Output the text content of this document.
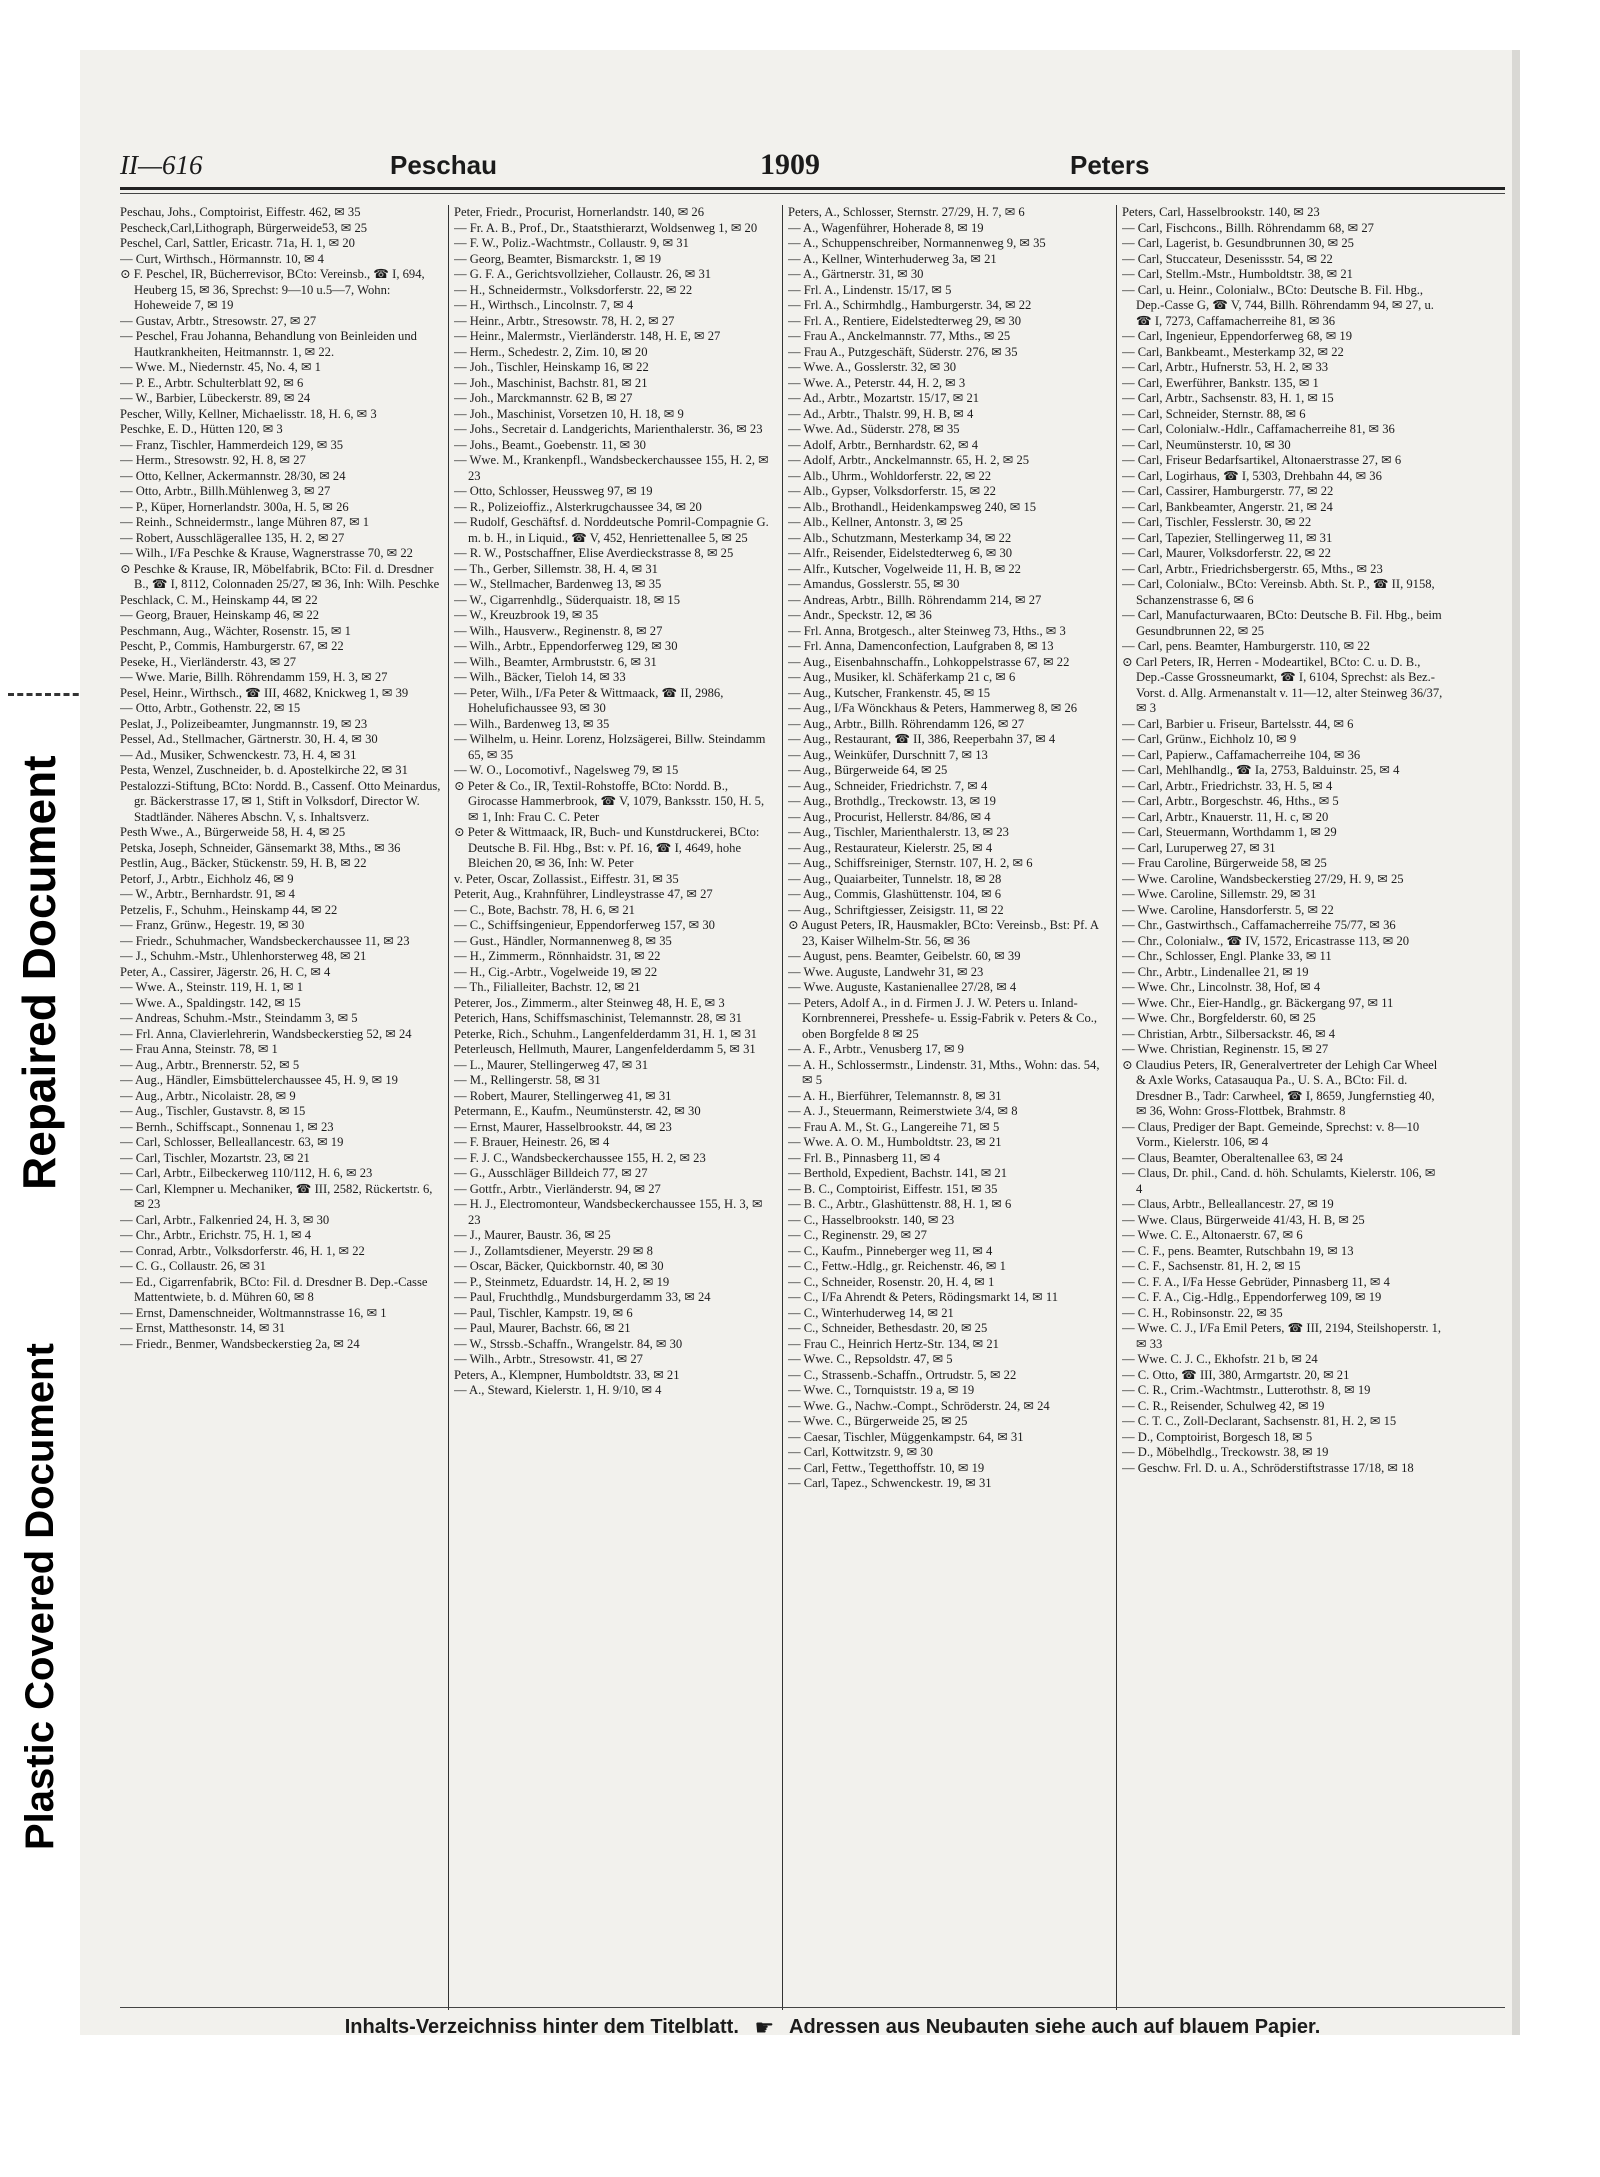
Repaired Document
Plastic Covered Document
II—616	Peschau	1909	Peters
Peschau, Johs., Comptoirist, Eiffestr. 462, ✉ 35
Pescheck,Carl,Lithograph, Bürgerweide53, ✉ 25
Peschel, Carl, Sattler, Ericastr. 71a, H. 1, ✉ 20
— Curt, Wirthsch., Hörmannstr. 10, ✉ 4
⊙ F. Peschel, IR, Bücherrevisor, BCto: Vereinsb., ☎ I, 694, Heuberg 15, ✉ 36, Sprechst: 9—10 u.5—7, Wohn: Hoheweide 7, ✉ 19
— Gustav, Arbtr., Stresowstr. 27, ✉ 27
— Peschel, Frau Johanna, Behandlung von Beinleiden und Hautkrankheiten, Heitmannstr. 1, ✉ 22.
— Wwe. M., Niedernstr. 45, No. 4, ✉ 1
— P. E., Arbtr. Schulterblatt 92, ✉ 6
— W., Barbier, Lübeckerstr. 89, ✉ 24
Pescher, Willy, Kellner, Michaelisstr. 18, H. 6, ✉ 3
Peschke, E. D., Hütten 120, ✉ 3
— Franz, Tischler, Hammerdeich 129, ✉ 35
— Herm., Stresowstr. 92, H. 8, ✉ 27
— Otto, Kellner, Ackermannstr. 28/30, ✉ 24
— Otto, Arbtr., Billh.Mühlenweg 3, ✉ 27
— P., Küper, Hornerlandstr. 300a, H. 5, ✉ 26
— Reinh., Schneidermstr., lange Mühren 87, ✉ 1
— Robert, Ausschlägerallee 135, H. 2, ✉ 27
— Wilh., I/Fa Peschke & Krause, Wagnerstrasse 70, ✉ 22
⊙ Peschke & Krause, IR, Möbelfabrik, BCto: Fil. d. Dresdner B., ☎ I, 8112, Colonnaden 25/27, ✉ 36, Inh: Wilh. Peschke
Peschlack, C. M., Heinskamp 44, ✉ 22
— Georg, Brauer, Heinskamp 46, ✉ 22
Peschmann, Aug., Wächter, Rosenstr. 15, ✉ 1
Pescht, P., Commis, Hamburgerstr. 67, ✉ 22
Peseke, H., Vierländerstr. 43, ✉ 27
— Wwe. Marie, Billh. Röhrendamm 159, H. 3, ✉ 27
Pesel, Heinr., Wirthsch., ☎ III, 4682, Knickweg 1, ✉ 39
— Otto, Arbtr., Gothenstr. 22, ✉ 15
Peslat, J., Polizeibeamter, Jungmannstr. 19, ✉ 23
Pessel, Ad., Stellmacher, Gärtnerstr. 30, H. 4, ✉ 30
— Ad., Musiker, Schwenckestr. 73, H. 4, ✉ 31
Pesta, Wenzel, Zuschneider, b. d. Apostelkirche 22, ✉ 31
Pestalozzi-Stiftung, BCto: Nordd. B., Cassenf. Otto Meinardus, gr. Bäckerstrasse 17, ✉ 1, Stift in Volksdorf, Director W. Stadtländer. Näheres Abschn. V, s. Inhaltsverz.
Pesth Wwe., A., Bürgerweide 58, H. 4, ✉ 25
Petska, Joseph, Schneider, Gänsemarkt 38, Mths., ✉ 36
Pestlin, Aug., Bäcker, Stückenstr. 59, H. B, ✉ 22
Petorf, J., Arbtr., Eichholz 46, ✉ 9
— W., Arbtr., Bernhardstr. 91, ✉ 4
Petzelis, F., Schuhm., Heinskamp 44, ✉ 22
— Franz, Grünw., Hegestr. 19, ✉ 30
— Friedr., Schuhmacher, Wandsbeckerchaussee 11, ✉ 23
— J., Schuhm.-Mstr., Uhlenhorsterweg 48, ✉ 21
Peter, A., Cassirer, Jägerstr. 26, H. C, ✉ 4
— Wwe. A., Steinstr. 119, H. 1, ✉ 1
— Wwe. A., Spaldingstr. 142, ✉ 15
— Andreas, Schuhm.-Mstr., Steindamm 3, ✉ 5
— Frl. Anna, Clavierlehrerin, Wandsbeckerstieg 52, ✉ 24
— Frau Anna, Steinstr. 78, ✉ 1
— Aug., Arbtr., Brennerstr. 52, ✉ 5
— Aug., Händler, Eimsbüttelerchaussee 45, H. 9, ✉ 19
— Aug., Arbtr., Nicolaistr. 28, ✉ 9
— Aug., Tischler, Gustavstr. 8, ✉ 15
— Bernh., Schiffscapt., Sonnenau 1, ✉ 23
— Carl, Schlosser, Belleallancestr. 63, ✉ 19
— Carl, Tischler, Mozartstr. 23, ✉ 21
— Carl, Arbtr., Eilbeckerweg 110/112, H. 6, ✉ 23
— Carl, Klempner u. Mechaniker, ☎ III, 2582, Rückertstr. 6, ✉ 23
— Carl, Arbtr., Falkenried 24, H. 3, ✉ 30
— Chr., Arbtr., Erichstr. 75, H. 1, ✉ 4
— Conrad, Arbtr., Volksdorferstr. 46, H. 1, ✉ 22
— C. G., Collaustr. 26, ✉ 31
— Ed., Cigarrenfabrik, BCto: Fil. d. Dresdner B. Dep.-Casse Mattentwiete, b. d. Mühren 60, ✉ 8
— Ernst, Damenschneider, Woltmannstrasse 16, ✉ 1
— Ernst, Matthesonstr. 14, ✉ 31
— Friedr., Benmer, Wandsbeckerstieg 2a, ✉ 24
Peter, Friedr., Procurist, Hornerlandstr. 140, ✉ 26
— Fr. A. B., Prof., Dr., Staatsthierarzt, Woldsenweg 1, ✉ 20
— F. W., Poliz.-Wachtmstr., Collaustr. 9, ✉ 31
— Georg, Beamter, Bismarckstr. 1, ✉ 19
— G. F. A., Gerichtsvollzieher, Collaustr. 26, ✉ 31
— H., Schneidermstr., Volksdorferstr. 22, ✉ 22
— H., Wirthsch., Lincolnstr. 7, ✉ 4
— Heinr., Arbtr., Stresowstr. 78, H. 2, ✉ 27
— Heinr., Malermstr., Vierländerstr. 148, H. E, ✉ 27
— Herm., Schedestr. 2, Zim. 10, ✉ 20
— Joh., Tischler, Heinskamp 16, ✉ 22
— Joh., Maschinist, Bachstr. 81, ✉ 21
— Joh., Marckmannstr. 62 B, ✉ 27
— Joh., Maschinist, Vorsetzen 10, H. 18, ✉ 9
— Johs., Secretair d. Landgerichts, Marienthalerstr. 36, ✉ 23
— Johs., Beamt., Goebenstr. 11, ✉ 30
— Wwe. M., Krankenpfl., Wandsbeckerchaussee 155, H. 2, ✉ 23
— Otto, Schlosser, Heussweg 97, ✉ 19
— R., Polizeioffiz., Alsterkrugchaussee 34, ✉ 20
— Rudolf, Geschäftsf. d. Norddeutsche Pomril-Compagnie G. m. b. H., in Liquid., ☎ V, 452, Henriettenallee 5, ✉ 25
— R. W., Postschaffner, Elise Averdieckstrasse 8, ✉ 25
— Th., Gerber, Sillemstr. 38, H. 4, ✉ 31
— W., Stellmacher, Bardenweg 13, ✉ 35
— W., Cigarrenhdlg., Süderquaistr. 18, ✉ 15
— W., Kreuzbrook 19, ✉ 35
— Wilh., Hausverw., Reginenstr. 8, ✉ 27
— Wilh., Arbtr., Eppendorferweg 129, ✉ 30
— Wilh., Beamter, Armbruststr. 6, ✉ 31
— Wilh., Bäcker, Tieloh 14, ✉ 33
— Peter, Wilh., I/Fa Peter & Wittmaack, ☎ II, 2986, Hohelufichaussee 93, ✉ 30
— Wilh., Bardenweg 13, ✉ 35
— Wilhelm, u. Heinr. Lorenz, Holzsägerei, Billw. Steindamm 65, ✉ 35
— W. O., Locomotivf., Nagelsweg 79, ✉ 15
⊙ Peter & Co., IR, Textil-Rohstoffe, BCto: Nordd. B., Girocasse Hammerbrook, ☎ V, 1079, Banksstr. 150, H. 5, ✉ 1, Inh: Frau C. C. Peter
⊙ Peter & Wittmaack, IR, Buch- und Kunstdruckerei, BCto: Deutsche B. Fil. Hbg., Bst: v. Pf. 16, ☎ I, 4649, hohe Bleichen 20, ✉ 36, Inh: W. Peter
v. Peter, Oscar, Zollassist., Eiffestr. 31, ✉ 35
Peterit, Aug., Krahnführer, Lindleystrasse 47, ✉ 27
— C., Bote, Bachstr. 78, H. 6, ✉ 21
— C., Schiffsingenieur, Eppendorferweg 157, ✉ 30
— Gust., Händler, Normannenweg 8, ✉ 35
— H., Zimmerm., Rönnhaidstr. 31, ✉ 22
— H., Cig.-Arbtr., Vogelweide 19, ✉ 22
— Th., Filialleiter, Bachstr. 12, ✉ 21
Peterer, Jos., Zimmerm., alter Steinweg 48, H. E, ✉ 3
Peterich, Hans, Schiffsmaschinist, Telemannstr. 28, ✉ 31
Peterke, Rich., Schuhm., Langenfelderdamm 31, H. 1, ✉ 31
Peterleusch, Hellmuth, Maurer, Langenfelderdamm 5, ✉ 31
— L., Maurer, Stellingerweg 47, ✉ 31
— M., Rellingerstr. 58, ✉ 31
— Robert, Maurer, Stellingerweg 41, ✉ 31
Petermann, E., Kaufm., Neumünsterstr. 42, ✉ 30
— Ernst, Maurer, Hasselbrookstr. 44, ✉ 23
— F. Brauer, Heinestr. 26, ✉ 4
— F. J. C., Wandsbeckerchaussee 155, H. 2, ✉ 23
— G., Ausschläger Billdeich 77, ✉ 27
— Gottfr., Arbtr., Vierländerstr. 94, ✉ 27
— H. J., Electromonteur, Wandsbeckerchaussee 155, H. 3, ✉ 23
— J., Maurer, Baustr. 36, ✉ 25
— J., Zollamtsdiener, Meyerstr. 29 ✉ 8
— Oscar, Bäcker, Quickbornstr. 40, ✉ 30
— P., Steinmetz, Eduardstr. 14, H. 2, ✉ 19
— Paul, Fruchthdlg., Mundsburgerdamm 33, ✉ 24
— Paul, Tischler, Kampstr. 19, ✉ 6
— Paul, Maurer, Bachstr. 66, ✉ 21
— W., Strssb.-Schaffn., Wrangelstr. 84, ✉ 30
— Wilh., Arbtr., Stresowstr. 41, ✉ 27
Peters, A., Klempner, Humboldtstr. 33, ✉ 21
— A., Steward, Kielerstr. 1, H. 9/10, ✉ 4
Peters, A., Schlosser, Sternstr. 27/29, H. 7, ✉ 6
— A., Wagenführer, Hoherade 8, ✉ 19
— A., Schuppenschreiber, Normannenweg 9, ✉ 35
— A., Kellner, Winterhuderweg 3a, ✉ 21
— A., Gärtnerstr. 31, ✉ 30
— Frl. A., Lindenstr. 15/17, ✉ 5
— Frl. A., Schirmhdlg., Hamburgerstr. 34, ✉ 22
— Frl. A., Rentiere, Eidelstedterweg 29, ✉ 30
— Frau A., Anckelmannstr. 77, Mths., ✉ 25
— Frau A., Putzgeschäft, Süderstr. 276, ✉ 35
— Wwe. A., Gosslerstr. 32, ✉ 30
— Wwe. A., Peterstr. 44, H. 2, ✉ 3
— Ad., Arbtr., Mozartstr. 15/17, ✉ 21
— Ad., Arbtr., Thalstr. 99, H. B, ✉ 4
— Wwe. Ad., Süderstr. 278, ✉ 35
— Adolf, Arbtr., Bernhardstr. 62, ✉ 4
— Adolf, Arbtr., Anckelmannstr. 65, H. 2, ✉ 25
— Alb., Uhrm., Wohldorferstr. 22, ✉ 22
— Alb., Gypser, Volksdorferstr. 15, ✉ 22
— Alb., Brothandl., Heidenkampsweg 240, ✉ 15
— Alb., Kellner, Antonstr. 3, ✉ 25
— Alb., Schutzmann, Mesterkamp 34, ✉ 22
— Alfr., Reisender, Eidelstedterweg 6, ✉ 30
— Alfr., Kutscher, Vogelweide 11, H. B, ✉ 22
— Amandus, Gosslerstr. 55, ✉ 30
— Andreas, Arbtr., Billh. Röhrendamm 214, ✉ 27
— Andr., Speckstr. 12, ✉ 36
— Frl. Anna, Brotgesch., alter Steinweg 73, Hths., ✉ 3
— Frl. Anna, Damenconfection, Laufgraben 8, ✉ 13
— Aug., Eisenbahnschaffn., Lohkoppelstrasse 67, ✉ 22
— Aug., Musiker, kl. Schäferkamp 21 c, ✉ 6
— Aug., Kutscher, Frankenstr. 45, ✉ 15
— Aug., I/Fa Wönckhaus & Peters, Hammerweg 8, ✉ 26
— Aug., Arbtr., Billh. Röhrendamm 126, ✉ 27
— Aug., Restaurant, ☎ II, 386, Reeperbahn 37, ✉ 4
— Aug., Weinküfer, Durschnitt 7, ✉ 13
— Aug., Bürgerweide 64, ✉ 25
— Aug., Schneider, Friedrichstr. 7, ✉ 4
— Aug., Brothdlg., Treckowstr. 13, ✉ 19
— Aug., Procurist, Hellerstr. 84/86, ✉ 4
— Aug., Tischler, Marienthalerstr. 13, ✉ 23
— Aug., Restaurateur, Kielerstr. 25, ✉ 4
— Aug., Schiffsreiniger, Sternstr. 107, H. 2, ✉ 6
— Aug., Quaiarbeiter, Tunnelstr. 18, ✉ 28
— Aug., Commis, Glashüttenstr. 104, ✉ 6
— Aug., Schriftgiesser, Zeisigstr. 11, ✉ 22
⊙ August Peters, IR, Hausmakler, BCto: Vereinsb., Bst: Pf. A 23, Kaiser Wilhelm-Str. 56, ✉ 36
— August, pens. Beamter, Geibelstr. 60, ✉ 39
— Wwe. Auguste, Landwehr 31, ✉ 23
— Wwe. Auguste, Kastanienallee 27/28, ✉ 4
— Peters, Adolf A., in d. Firmen J. J. W. Peters u. Inland-Kornbrennerei, Presshefe- u. Essig-Fabrik v. Peters & Co., oben Borgfelde 8 ✉ 25
— A. F., Arbtr., Venusberg 17, ✉ 9
— A. H., Schlossermstr., Lindenstr. 31, Mths., Wohn: das. 54, ✉ 5
— A. H., Bierführer, Telemannstr. 8, ✉ 31
— A. J., Steuermann, Reimerstwiete 3/4, ✉ 8
— Frau A. M., St. G., Langereihe 71, ✉ 5
— Wwe. A. O. M., Humboldtstr. 23, ✉ 21
— Frl. B., Pinnasberg 11, ✉ 4
— Berthold, Expedient, Bachstr. 141, ✉ 21
— B. C., Comptoirist, Eiffestr. 151, ✉ 35
— B. C., Arbtr., Glashüttenstr. 88, H. 1, ✉ 6
— C., Hasselbrookstr. 140, ✉ 23
— C., Reginenstr. 29, ✉ 27
— C., Kaufm., Pinneberger weg 11, ✉ 4
— C., Fettw.-Hdlg., gr. Reichenstr. 46, ✉ 1
— C., Schneider, Rosenstr. 20, H. 4, ✉ 1
— C., I/Fa Ahrendt & Peters, Rödingsmarkt 14, ✉ 11
— C., Winterhuderweg 14, ✉ 21
— C., Schneider, Bethesdastr. 20, ✉ 25
— Frau C., Heinrich Hertz-Str. 134, ✉ 21
— Wwe. C., Repsoldstr. 47, ✉ 5
— C., Strassenb.-Schaffn., Ortrudstr. 5, ✉ 22
— Wwe. C., Tornquiststr. 19 a, ✉ 19
— Wwe. G., Nachw.-Compt., Schröderstr. 24, ✉ 24
— Wwe. C., Bürgerweide 25, ✉ 25
— Caesar, Tischler, Müggenkampstr. 64, ✉ 31
— Carl, Kottwitzstr. 9, ✉ 30
— Carl, Fettw., Tegetthoffstr. 10, ✉ 19
— Carl, Tapez., Schwenckestr. 19, ✉ 31
Peters, Carl, Hasselbrookstr. 140, ✉ 23
— Carl, Fischcons., Billh. Röhrendamm 68, ✉ 27
— Carl, Lagerist, b. Gesundbrunnen 30, ✉ 25
— Carl, Stuccateur, Desenissstr. 54, ✉ 22
— Carl, Stellm.-Mstr., Humboldtstr. 38, ✉ 21
— Carl, u. Heinr., Colonialw., BCto: Deutsche B. Fil. Hbg., Dep.-Casse G, ☎ V, 744, Billh. Röhrendamm 94, ✉ 27, u. ☎ I, 7273, Caffamacherreihe 81, ✉ 36
— Carl, Ingenieur, Eppendorferweg 68, ✉ 19
— Carl, Bankbeamt., Mesterkamp 32, ✉ 22
— Carl, Arbtr., Hufnerstr. 53, H. 2, ✉ 33
— Carl, Ewerführer, Bankstr. 135, ✉ 1
— Carl, Arbtr., Sachsenstr. 83, H. 1, ✉ 15
— Carl, Schneider, Sternstr. 88, ✉ 6
— Carl, Colonialw.-Hdlr., Caffamacherreihe 81, ✉ 36
— Carl, Neumünsterstr. 10, ✉ 30
— Carl, Friseur Bedarfsartikel, Altonaerstrasse 27, ✉ 6
— Carl, Logirhaus, ☎ I, 5303, Drehbahn 44, ✉ 36
— Carl, Cassirer, Hamburgerstr. 77, ✉ 22
— Carl, Bankbeamter, Angerstr. 21, ✉ 24
— Carl, Tischler, Fesslerstr. 30, ✉ 22
— Carl, Tapezier, Stellingerweg 11, ✉ 31
— Carl, Maurer, Volksdorferstr. 22, ✉ 22
— Carl, Arbtr., Friedrichsbergerstr. 65, Mths., ✉ 23
— Carl, Colonialw., BCto: Vereinsb. Abth. St. P., ☎ II, 9158, Schanzenstrasse 6, ✉ 6
— Carl, Manufacturwaaren, BCto: Deutsche B. Fil. Hbg., beim Gesundbrunnen 22, ✉ 25
— Carl, pens. Beamter, Hamburgerstr. 110, ✉ 22
⊙ Carl Peters, IR, Herren - Modeartikel, BCto: C. u. D. B., Dep.-Casse Grossneumarkt, ☎ I, 6104, Sprechst: als Bez.-Vorst. d. Allg. Armenanstalt v. 11—12, alter Steinweg 36/37, ✉ 3
— Carl, Barbier u. Friseur, Bartelsstr. 44, ✉ 6
— Carl, Grünw., Eichholz 10, ✉ 9
— Carl, Papierw., Caffamacherreihe 104, ✉ 36
— Carl, Mehlhandlg., ☎ Ia, 2753, Balduinstr. 25, ✉ 4
— Carl, Arbtr., Friedrichstr. 33, H. 5, ✉ 4
— Carl, Arbtr., Borgeschstr. 46, Hths., ✉ 5
— Carl, Arbtr., Knauerstr. 11, H. c, ✉ 20
— Carl, Steuermann, Worthdamm 1, ✉ 29
— Carl, Luruperweg 27, ✉ 31
— Frau Caroline, Bürgerweide 58, ✉ 25
— Wwe. Caroline, Wandsbeckerstieg 27/29, H. 9, ✉ 25
— Wwe. Caroline, Sillemstr. 29, ✉ 31
— Wwe. Caroline, Hansdorferstr. 5, ✉ 22
— Chr., Gastwirthsch., Caffamacherreihe 75/77, ✉ 36
— Chr., Colonialw., ☎ IV, 1572, Ericastrasse 113, ✉ 20
— Chr., Schlosser, Engl. Planke 33, ✉ 11
— Chr., Arbtr., Lindenallee 21, ✉ 19
— Wwe. Chr., Lincolnstr. 38, Hof, ✉ 4
— Wwe. Chr., Eier-Handlg., gr. Bäckergang 97, ✉ 11
— Wwe. Chr., Borgfelderstr. 60, ✉ 25
— Christian, Arbtr., Silbersackstr. 46, ✉ 4
— Wwe. Christian, Reginenstr. 15, ✉ 27
⊙ Claudius Peters, IR, Generalvertreter der Lehigh Car Wheel & Axle Works, Catasauqua Pa., U. S. A., BCto: Fil. d. Dresdner B., Tadr: Carwheel, ☎ I, 8659, Jungfernstieg 40, ✉ 36, Wohn: Gross-Flottbek, Brahmstr. 8
— Claus, Prediger der Bapt. Gemeinde, Sprechst: v. 8—10 Vorm., Kielerstr. 106, ✉ 4
— Claus, Beamter, Oberaltenallee 63, ✉ 24
— Claus, Dr. phil., Cand. d. höh. Schulamts, Kielerstr. 106, ✉ 4
— Claus, Arbtr., Belleallancestr. 27, ✉ 19
— Wwe. Claus, Bürgerweide 41/43, H. B, ✉ 25
— Wwe. C. E., Altonaerstr. 67, ✉ 6
— C. F., pens. Beamter, Rutschbahn 19, ✉ 13
— C. F., Sachsenstr. 81, H. 2, ✉ 15
— C. F. A., I/Fa Hesse Gebrüder, Pinnasberg 11, ✉ 4
— C. F. A., Cig.-Hdlg., Eppendorferweg 109, ✉ 19
— C. H., Robinsonstr. 22, ✉ 35
— Wwe. C. J., I/Fa Emil Peters, ☎ III, 2194, Steilshoperstr. 1, ✉ 33
— Wwe. C. J. C., Ekhofstr. 21 b, ✉ 24
— C. Otto, ☎ III, 380, Armgartstr. 20, ✉ 21
— C. R., Crim.-Wachtmstr., Lutterothstr. 8, ✉ 19
— C. R., Reisender, Schulweg 42, ✉ 19
— C. T. C., Zoll-Declarant, Sachsenstr. 81, H. 2, ✉ 15
— D., Comptoirist, Borgesch 18, ✉ 5
— D., Möbelhdlg., Treckowstr. 38, ✉ 19
— Geschw. Frl. D. u. A., Schröderstiftstrasse 17/18, ✉ 18
Inhalts-Verzeichniss hinter dem Titelblatt. ☛ Adressen aus Neubauten siehe auch auf blauem Papier.
